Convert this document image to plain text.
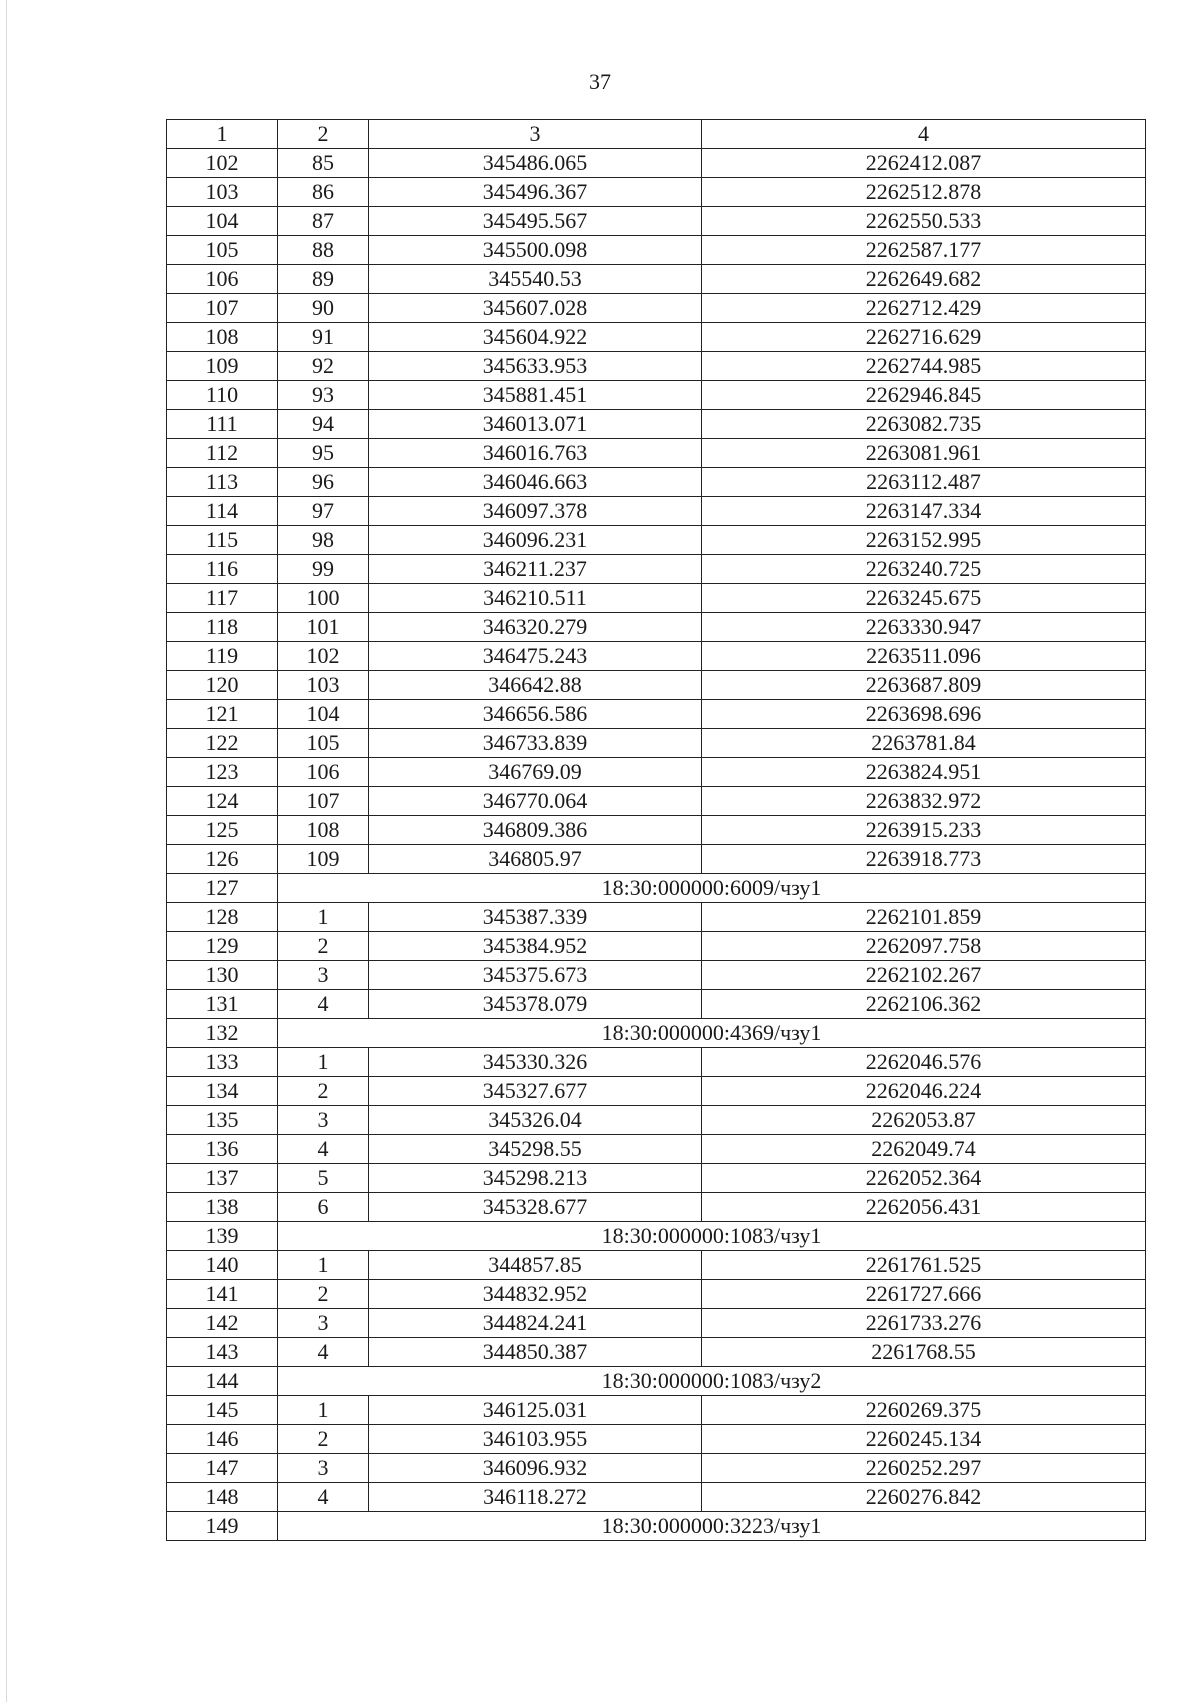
37
1	2	3	4
102	85	345486.065	2262412.087
103	86	345496.367	2262512.878
104	87	345495.567	2262550.533
105	88	345500.098	2262587.177
106	89	345540.53	2262649.682
107	90	345607.028	2262712.429
108	91	345604.922	2262716.629
109	92	345633.953	2262744.985
110	93	345881.451	2262946.845
111	94	346013.071	2263082.735
112	95	346016.763	2263081.961
113	96	346046.663	2263112.487
114	97	346097.378	2263147.334
115	98	346096.231	2263152.995
116	99	346211.237	2263240.725
117	100	346210.511	2263245.675
118	101	346320.279	2263330.947
119	102	346475.243	2263511.096
120	103	346642.88	2263687.809
121	104	346656.586	2263698.696
122	105	346733.839	2263781.84
123	106	346769.09	2263824.951
124	107	346770.064	2263832.972
125	108	346809.386	2263915.233
126	109	346805.97	2263918.773
127	18:30:000000:6009/чзу1		
128	1	345387.339	2262101.859
129	2	345384.952	2262097.758
130	3	345375.673	2262102.267
131	4	345378.079	2262106.362
132	18:30:000000:4369/чзу1		
133	1	345330.326	2262046.576
134	2	345327.677	2262046.224
135	3	345326.04	2262053.87
136	4	345298.55	2262049.74
137	5	345298.213	2262052.364
138	6	345328.677	2262056.431
139	18:30:000000:1083/чзу1		
140	1	344857.85	2261761.525
141	2	344832.952	2261727.666
142	3	344824.241	2261733.276
143	4	344850.387	2261768.55
144	18:30:000000:1083/чзу2		
145	1	346125.031	2260269.375
146	2	346103.955	2260245.134
147	3	346096.932	2260252.297
148	4	346118.272	2260276.842
149	18:30:000000:3223/чзу1		
